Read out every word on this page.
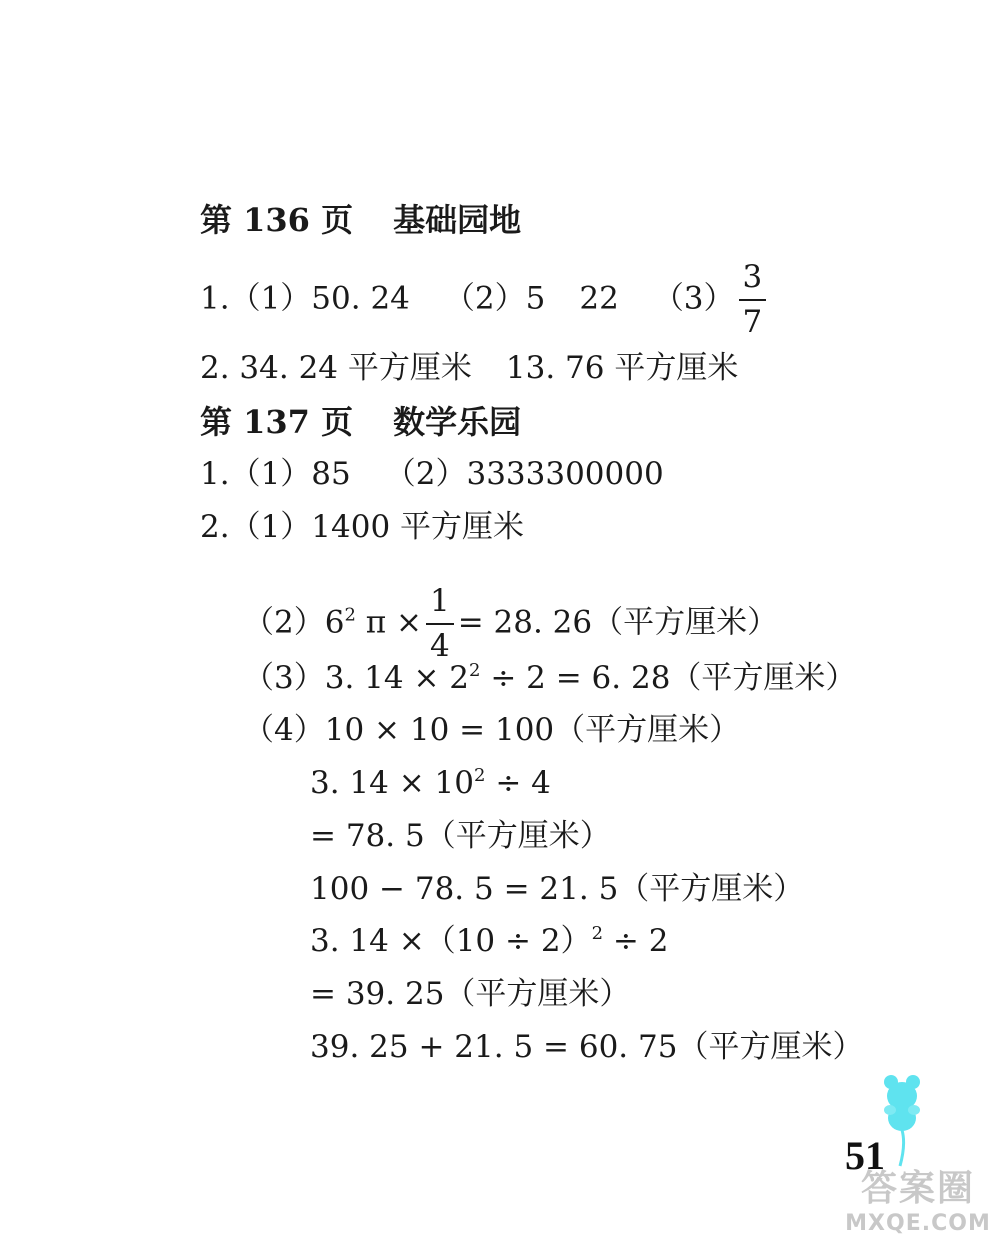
第 136 页 基础园地
1.（1）50. 24 （2）5 22 $(3) \frac{3}{7}$
2. 34. 24 平方厘米 13. 76 平方厘米
第 137 页 数学乐园
1.（1）85 （2）3333300000
2.（1）1400 平方厘米
$(2)6^2$ $\pi \times \frac{1}{4} = 28$. 26（平方厘米）
（3）3. $14 \times 2^2 \div 2 = 6$. 28（平方厘米）
（4）10 × 10 = 100（平方厘米）
3. $14 \times 10^2 \div 4$
= 78. 5（平方厘米）
100 − 78. 5 = 21. 5（平方厘米）
3. $14 \times(10 \div 2)^2 \div 2$
= 39. 25（平方厘米）
39. 25 + 21. 5 = 60. 75（平方厘米）
51
答案圈
MXQE.COM
